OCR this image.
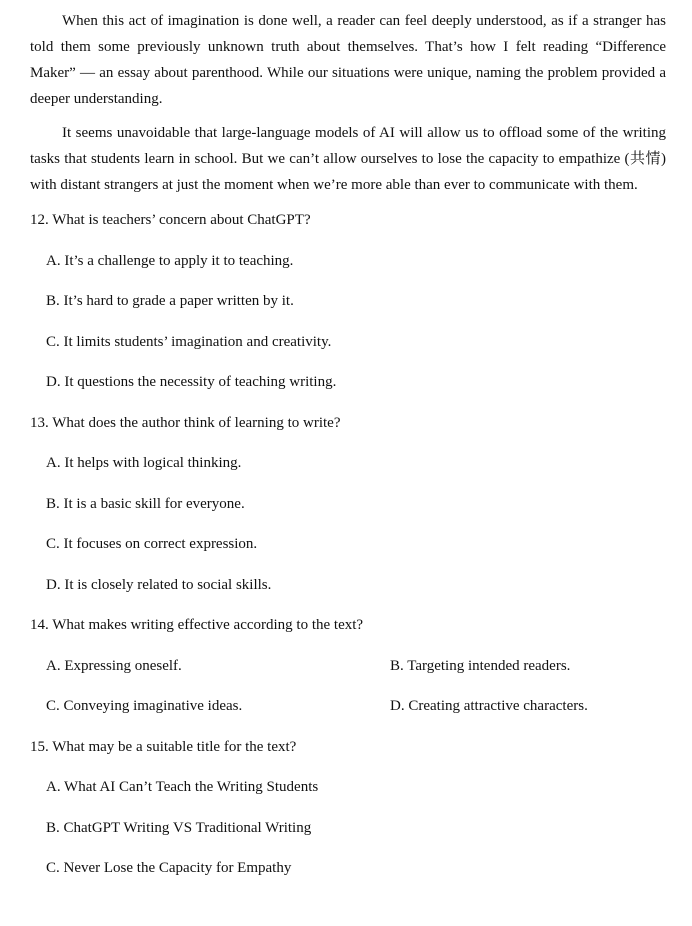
When this act of imagination is done well, a reader can feel deeply understood, as if a stranger has told them some previously unknown truth about themselves. That’s how I felt reading “Difference Maker” — an essay about parenthood. While our situations were unique, naming the problem provided a deeper understanding.

It seems unavoidable that large-language models of AI will allow us to offload some of the writing tasks that students learn in school. But we can’t allow ourselves to lose the capacity to empathize (共情) with distant strangers at just the moment when we’re more able than ever to communicate with them.

12. What is teachers’ concern about ChatGPT?
A. It’s a challenge to apply it to teaching.
B. It’s hard to grade a paper written by it.
C. It limits students’ imagination and creativity.
D. It questions the necessity of teaching writing.
13. What does the author think of learning to write?
A. It helps with logical thinking.
B. It is a basic skill for everyone.
C. It focuses on correct expression.
D. It is closely related to social skills.
14. What makes writing effective according to the text?
A. Expressing oneself.	B. Targeting intended readers.
C. Conveying imaginative ideas.	D. Creating attractive characters.
15. What may be a suitable title for the text?
A. What AI Can’t Teach the Writing Students
B. ChatGPT Writing VS Traditional Writing
C. Never Lose the Capacity for Empathy
